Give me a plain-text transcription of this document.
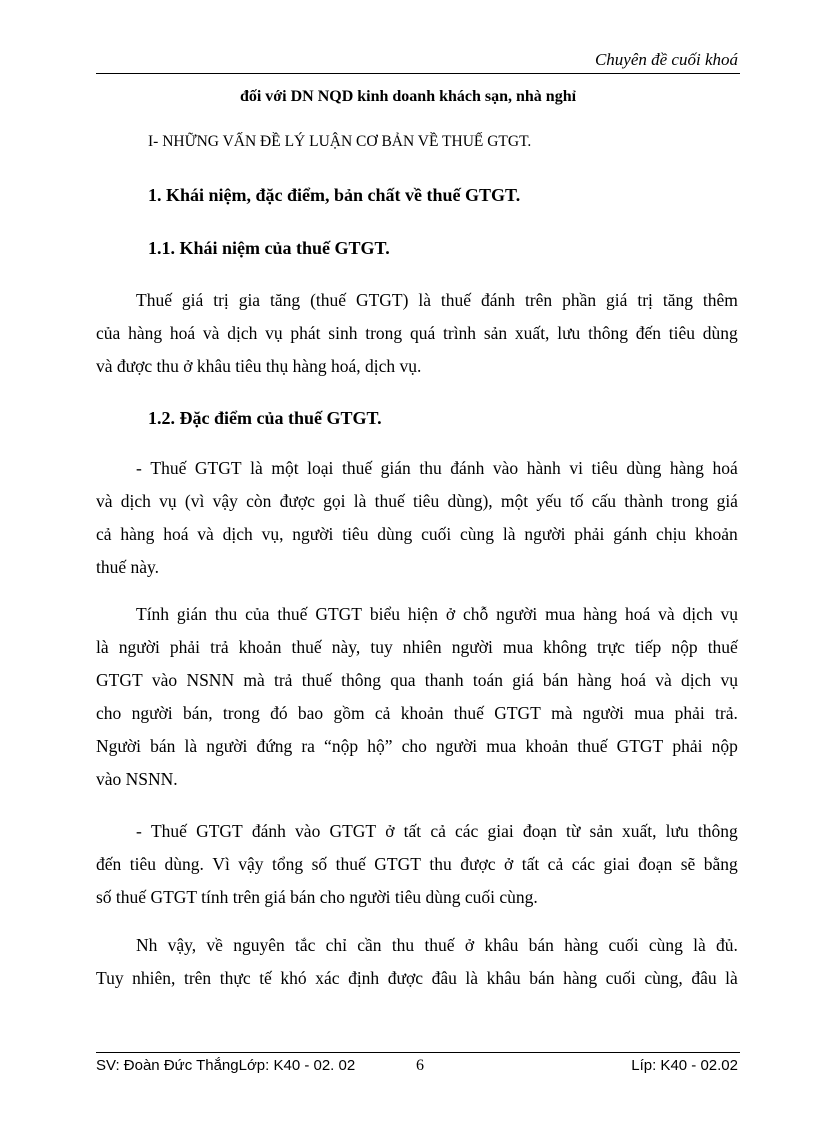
Chuyên đề cuối khoá
đối với DN NQD kinh doanh khách sạn, nhà nghỉ
I- NHỮNG VẤN ĐỀ LÝ LUẬN CƠ BẢN VỀ THUẾ GTGT.
1. Khái niệm, đặc điểm, bản chất về thuế GTGT.
1.1. Khái niệm của thuế GTGT.
Thuế giá trị gia tăng (thuế GTGT) là thuế đánh trên phần giá trị tăng thêm
của hàng hoá và dịch vụ phát sinh trong quá trình sản xuất, lưu thông đến tiêu dùng
và được thu ở khâu tiêu thụ hàng hoá, dịch vụ.
1.2. Đặc điểm của thuế GTGT.
- Thuế GTGT là một loại thuế gián thu đánh vào hành vi tiêu dùng hàng hoá
và dịch vụ (vì vậy còn được gọi là thuế tiêu dùng), một yếu tố cấu thành trong giá
cả hàng hoá và dịch vụ, người tiêu dùng cuối cùng là người phải gánh chịu khoản
thuế này.
Tính gián thu của thuế GTGT biểu hiện ở chỗ người mua hàng hoá và dịch vụ
là người phải trả khoản thuế này, tuy nhiên người mua không trực tiếp nộp thuế
GTGT vào NSNN mà trả thuế thông qua thanh toán giá bán hàng hoá và dịch vụ
cho người bán, trong đó bao gồm cả khoản thuế GTGT mà người mua phải trả.
Người bán là người đứng ra “nộp hộ” cho người mua khoản thuế GTGT phải nộp
vào NSNN.
- Thuế GTGT đánh vào GTGT ở tất cả các giai đoạn từ sản xuất, lưu thông
đến tiêu dùng. Vì vậy tổng số thuế GTGT thu được ở tất cả các giai đoạn sẽ bằng
số thuế GTGT tính trên giá bán cho người tiêu dùng cuối cùng.
Nh vậy, về nguyên tắc chỉ cần thu thuế ở khâu bán hàng cuối cùng là đủ.
Tuy nhiên, trên thực tế khó xác định được đâu là khâu bán hàng cuối cùng, đâu là
SV: Đoàn Đức ThắngLớp: K40 - 02. 02	6	Líp: K40 - 02.02
